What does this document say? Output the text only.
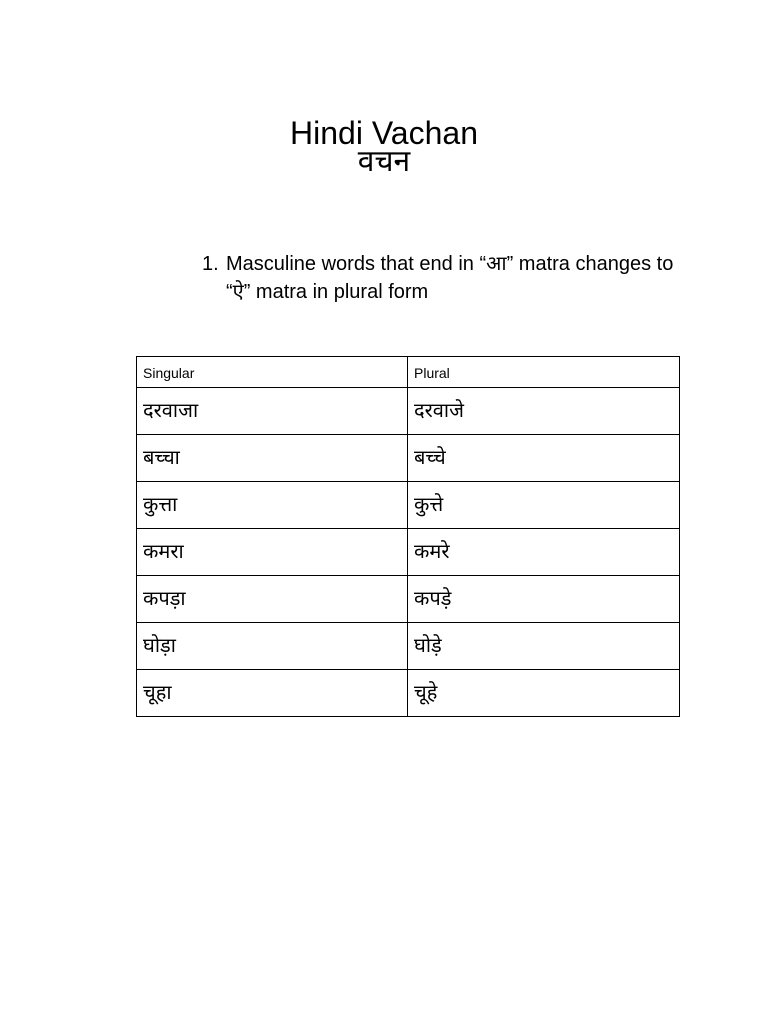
Hindi Vachan
वचन
1. Masculine words that end in “आ” matra changes to “ऐ” matra in plural form
Singular	Plural
दरवाजा	दरवाजे
बच्चा	बच्चे
कुत्ता	कुत्ते
कमरा	कमरे
कपड़ा	कपड़े
घोड़ा	घोड़े
चूहा	चूहे
